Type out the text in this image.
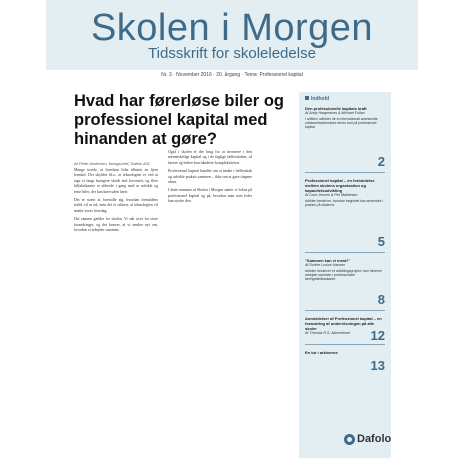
Skolen i Morgen
Tidsskrift for skoleledelse
Nr. 3 · November 2016 · 20. årgang · Tema: Professionel kapital
Hvad har førerløse biler og professionel kapital med hinanden at gøre?
Af Peter Andersen, forlagschef, Dafolo A/S

Mange troede, at førerløse biler tilhørte en fjern fremtid. Det skyldes bl.a., at teknologien er ved at tage et langt hurtigere skridt end forventet, og flere bilfabrikanter er allerede i gang med at udvikle og teste biler, der kan køre uden fører.

Det er svært at forestille sig, hvordan fremtidens trafik vil se ud, men det er sikkert, at teknologien vil ændre vores hverdag.

Det samme gælder for skolen. Vi står over for store forandringer, og det kræver, at vi tænker nyt om, hvordan vi arbejder sammen.

Også i skolen er der brug for at investere i den menneskelige kapital og i de faglige fællesskaber, så lærere og ledere kan håndtere kompleksiteten.

Professionel kapital handler om at tænke i fællesskab og udvikle praksis sammen – ikke om at gøre tingene alene.

I dette nummer af Skolen i Morgen sætter vi fokus på professionel kapital og på, hvordan man som leder kan styrke den.

Indhold
Den professionelle kapitals kraft
Af Andy Hargreaves & Michael Fullan
I artiklen udfolder de to internationalt anerkendte uddannelsesforskere deres bud på professionel kapital.
2
Professionel kapital – en forbindelse mellem skolens organisation og kapacitetsudvikling
Af Lone Jensen & Per Mathiesen
Artiklen beskriver, hvordan begrebet kan anvendes i praksis på skolerne.
5
"Sammen kan vi mest!"
Af Dorthe Louise Hansen
Artiklen beskriver et udviklingsprojekt, hvor lærerne arbejder sammen i professionelle læringsfællesskaber.
8
Anmeldelser af Professionel kapital – en forandring af undervisningen på alle skoler
Af Thomas R.S. Albrechtsen	12
En tur i arkiverne
13
Dafolo
